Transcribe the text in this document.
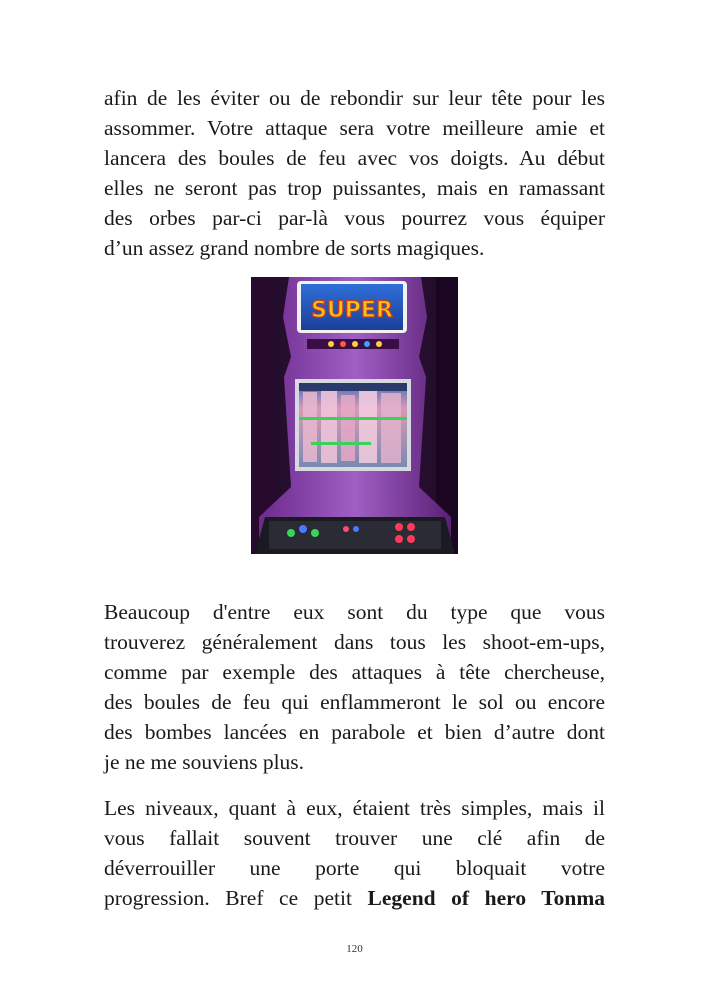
afin de les éviter ou de rebondir sur leur tête pour les
assommer. Votre attaque sera votre meilleure amie et
lancera des boules de feu avec vos doigts. Au début
elles ne seront pas trop puissantes, mais en ramassant
des orbes par-ci par-là vous pourrez vous équiper
d’un assez grand nombre de sorts magiques.
SUPER
Beaucoup d'entre eux sont du type que vous
trouverez généralement dans tous les shoot-em-ups,
comme par exemple des attaques à tête chercheuse,
des boules de feu qui enflammeront le sol ou encore
des bombes lancées en parabole et bien d’autre dont
je ne me souviens plus.
Les niveaux, quant à eux, étaient très simples, mais il
vous fallait souvent trouver une clé afin de
déverrouiller une porte qui bloquait votre
progression. Bref ce petit Legend of hero Tonma
120
